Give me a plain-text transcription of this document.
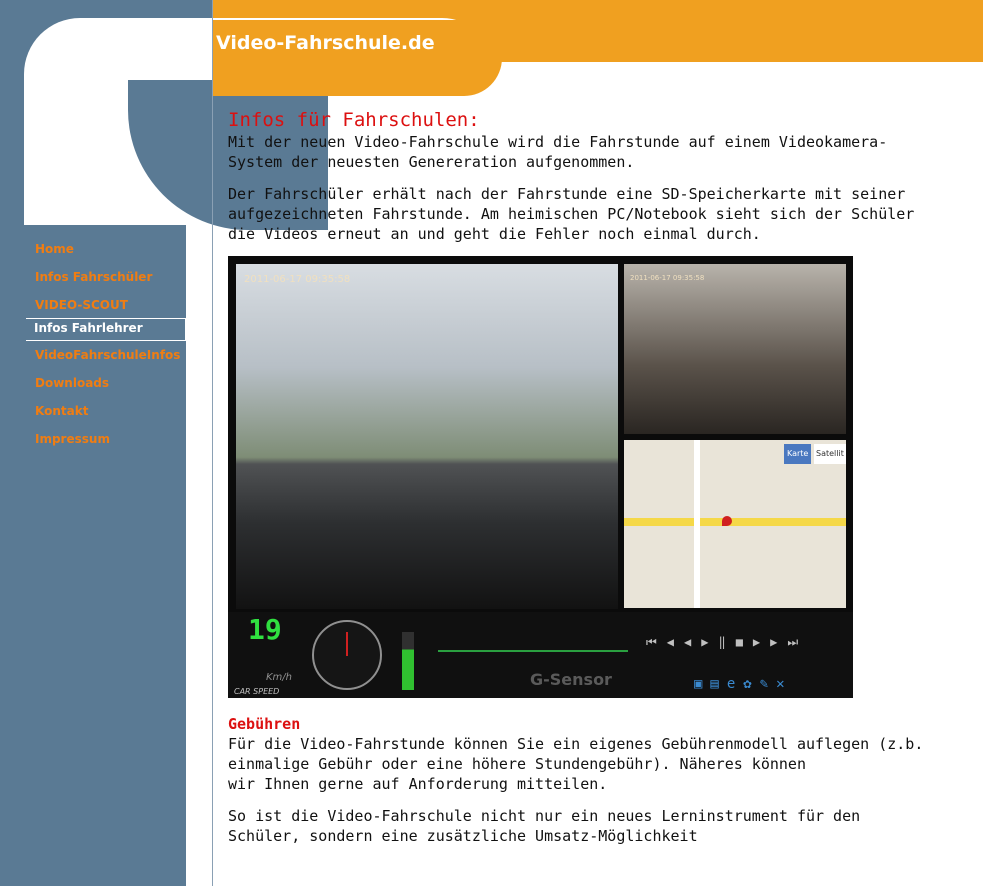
Video-Fahrschule.de
Home
Infos Fahrschüler
VIDEO-SCOUT
Infos Fahrlehrer
VideoFahrschuleInfos
Downloads
Kontakt
Impressum
Infos für Fahrschulen:

Mit der neuen Video-Fahrschule wird die Fahrstunde auf einem Videokamera-System der neuesten Genereration aufgenommen.

Der Fahrschüler erhält nach der Fahrstunde eine SD-Speicherkarte mit seiner aufgezeichneten Fahrstunde. Am heimischen PC/Notebook sieht sich der Schüler die Videos erneut an und geht die Fehler noch einmal durch.

2011-06-17 09:35:58	2011-06-17 09:35:58
Karte Satellit
19
Km/h
CAR SPEED
⏮◀◀▶‖■▶▶⏭
G-Sensor	▣▤e✿✎✕
Gebühren

Für die Video-Fahrstunde können Sie ein eigenes Gebührenmodell auflegen (z.b. einmalige Gebühr oder eine höhere Stundengebühr). Näheres können
wir Ihnen gerne auf Anforderung mitteilen.

So ist die Video-Fahrschule nicht nur ein neues Lerninstrument für den Schüler, sondern eine zusätzliche Umsatz-Möglichkeit
